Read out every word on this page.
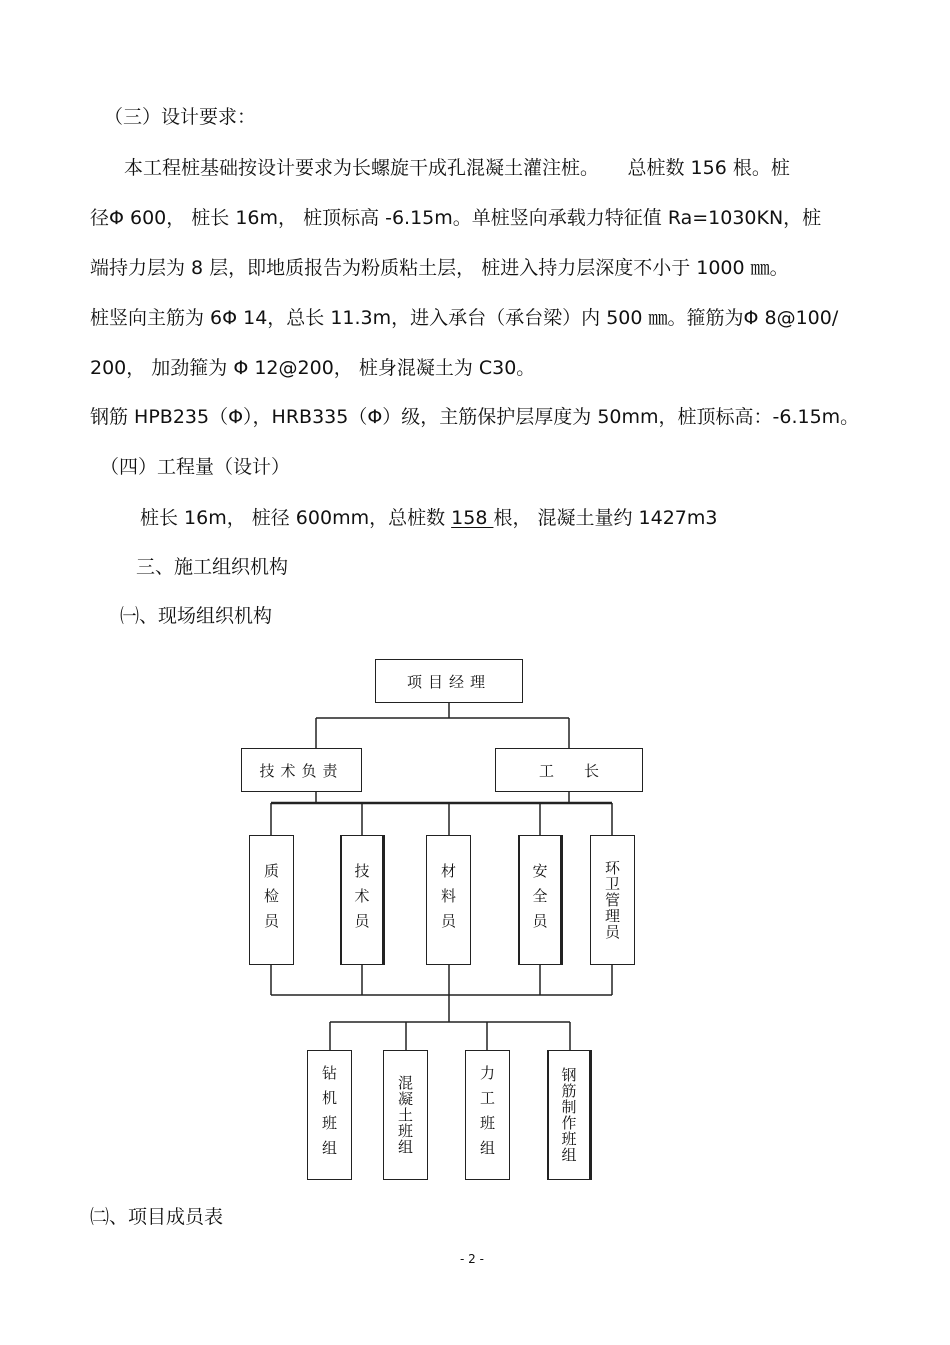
（三）设计要求：
本工程桩基础按设计要求为长螺旋干成孔混凝土灌注桩。　　总桩数 156 根。桩
径Φ 600， 桩长 16m， 桩顶标高 -6.15m。单桩竖向承载力特征值 Ra=1030KN，桩
端持力层为 8 层，即地质报告为粉质粘土层， 桩进入持力层深度不小于 1000 ㎜。
桩竖向主筋为 6Φ 14，总长 11.3m，进入承台（承台梁）内 500 ㎜。箍筋为Φ 8@100/
200， 加劲箍为 Φ 12@200， 桩身混凝土为 C30。
钢筋 HPB235（Φ），HRB335（Φ）级，主筋保护层厚度为 50mm，桩顶标高：-6.15m。
（四）工程量（设计）
桩长 16m， 桩径 600mm，总桩数 158 根， 混凝土量约 1427m3
三、施工组织机构
㈠、现场组织机构
项目经理
技术负责	工　　长
质检员	技术员	材料员	安全员	环卫管理员
钻机班组	混凝土班组	力工班组	钢筋制作班组
㈡、项目成员表
- 2 -
